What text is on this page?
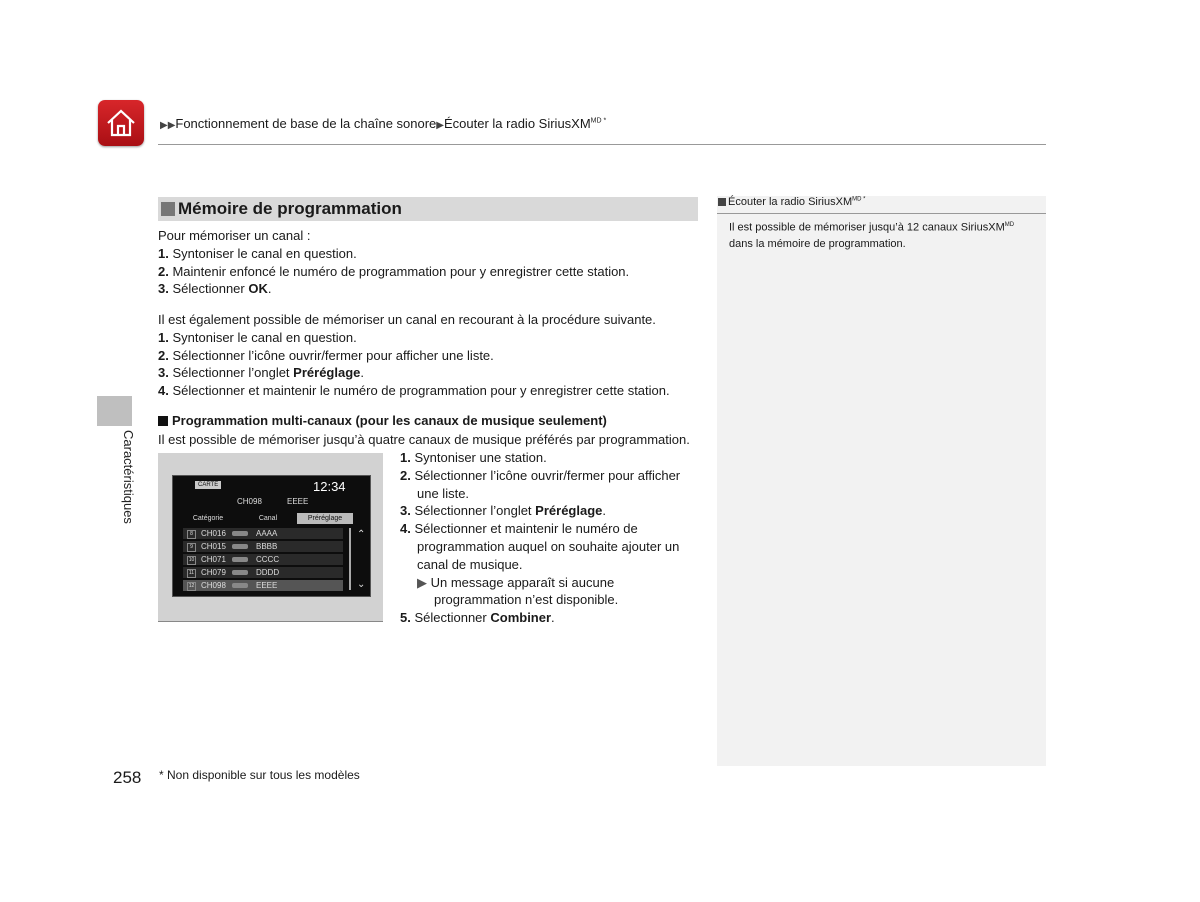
▶▶Fonctionnement de base de la chaîne sonore▶Écouter la radio SiriusXM$^{MD *}$
Caractéristiques
Mémoire de programmation
Pour mémoriser un canal :
1. Syntoniser le canal en question.
2. Maintenir enfoncé le numéro de programmation pour y enregistrer cette station.
3. Sélectionner OK.
Il est également possible de mémoriser un canal en recourant à la procédure suivante.
1. Syntoniser le canal en question.
2. Sélectionner l’icône ouvrir/fermer pour afficher une liste.
3. Sélectionner l’onglet Préréglage.
4. Sélectionner et maintenir le numéro de programmation pour y enregistrer cette station.
Programmation multi-canaux (pour les canaux de musique seulement)
Il est possible de mémoriser jusqu’à quatre canaux de musique préférés par programmation.
CARTE	12:34
CH098	EEEE
Catégorie	Canal	Préréglage
8	CH016	AAAA
9	CH015	BBBB
10 CH071	CCCC
11 CH079	DDDD
12 CH098	EEEE
⌃
⌄
1. Syntoniser une station.
2. Sélectionner l’icône ouvrir/fermer pour afficher
une liste.
3. Sélectionner l’onglet Préréglage.
4. Sélectionner et maintenir le numéro de
programmation auquel on souhaite ajouter un
canal de musique.
▶ Un message apparaît si aucune
programmation n’est disponible.
5. Sélectionner Combiner.
Écouter la radio SiriusXM$^{MD *}$
Il est possible de mémoriser jusqu’à 12 canaux SiriusXM$^{MD}$
dans la mémoire de programmation.
258 * Non disponible sur tous les modèles
